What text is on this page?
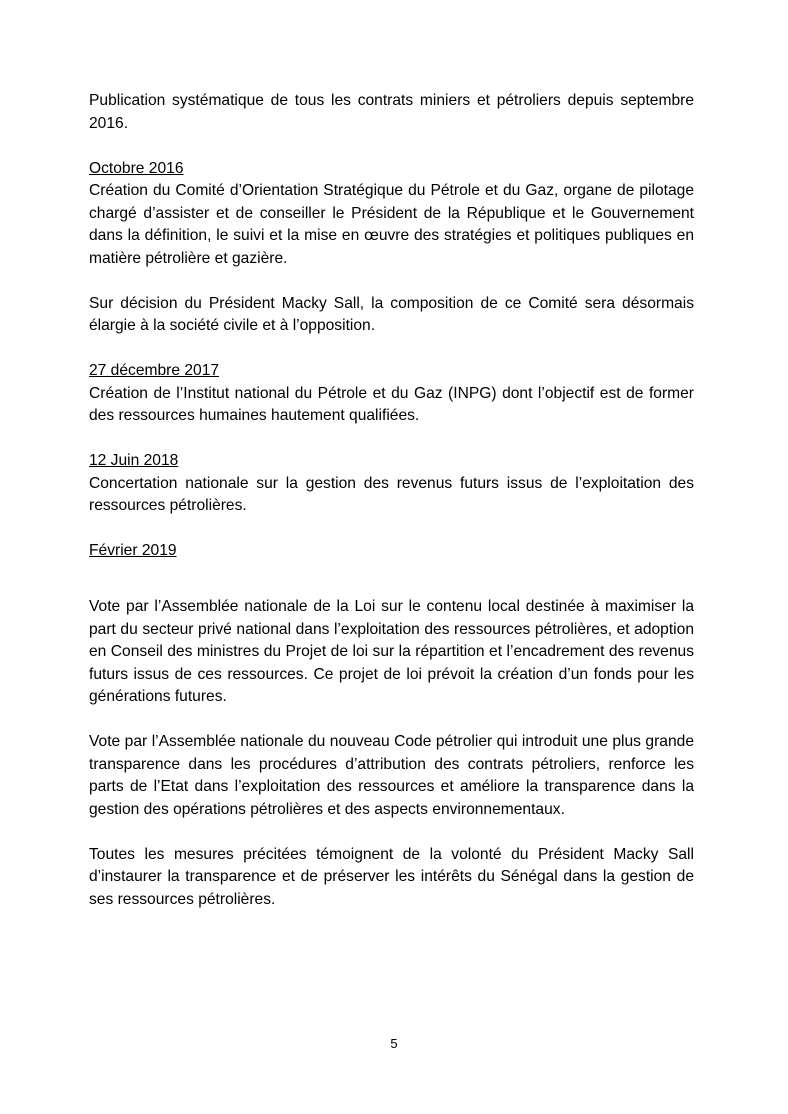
Publication systématique de tous les contrats miniers et pétroliers depuis septembre 2016.

Octobre 2016

Création du Comité d’Orientation Stratégique du Pétrole et du Gaz, organe de pilotage chargé d’assister et de conseiller le Président de la République et le Gouvernement dans la définition, le suivi et la mise en œuvre des stratégies et politiques publiques en matière pétrolière et gazière.

Sur décision du Président Macky Sall, la composition de ce Comité sera désormais élargie à la société civile et à l’opposition.

27 décembre 2017

Création de l’Institut national du Pétrole et du Gaz (INPG) dont l’objectif est de former des ressources humaines hautement qualifiées.

12 Juin 2018

Concertation nationale sur la gestion des revenus futurs issus de l’exploitation des ressources pétrolières.

Février 2019

Vote par l’Assemblée nationale de la Loi sur le contenu local destinée à maximiser la part du secteur privé national dans l’exploitation des ressources pétrolières, et adoption en Conseil des ministres du Projet de loi sur la répartition et l’encadrement des revenus futurs issus de ces ressources. Ce projet de loi prévoit la création d’un fonds pour les générations futures.

Vote par l’Assemblée nationale du nouveau Code pétrolier qui introduit une plus grande transparence dans les procédures d’attribution des contrats pétroliers, renforce les parts de l’Etat dans l’exploitation des ressources et améliore la transparence dans la gestion des opérations pétrolières et des aspects environnementaux.

Toutes les mesures précitées témoignent de la volonté du Président Macky Sall d’instaurer la transparence et de préserver les intérêts du Sénégal dans la gestion de ses ressources pétrolières.

5
